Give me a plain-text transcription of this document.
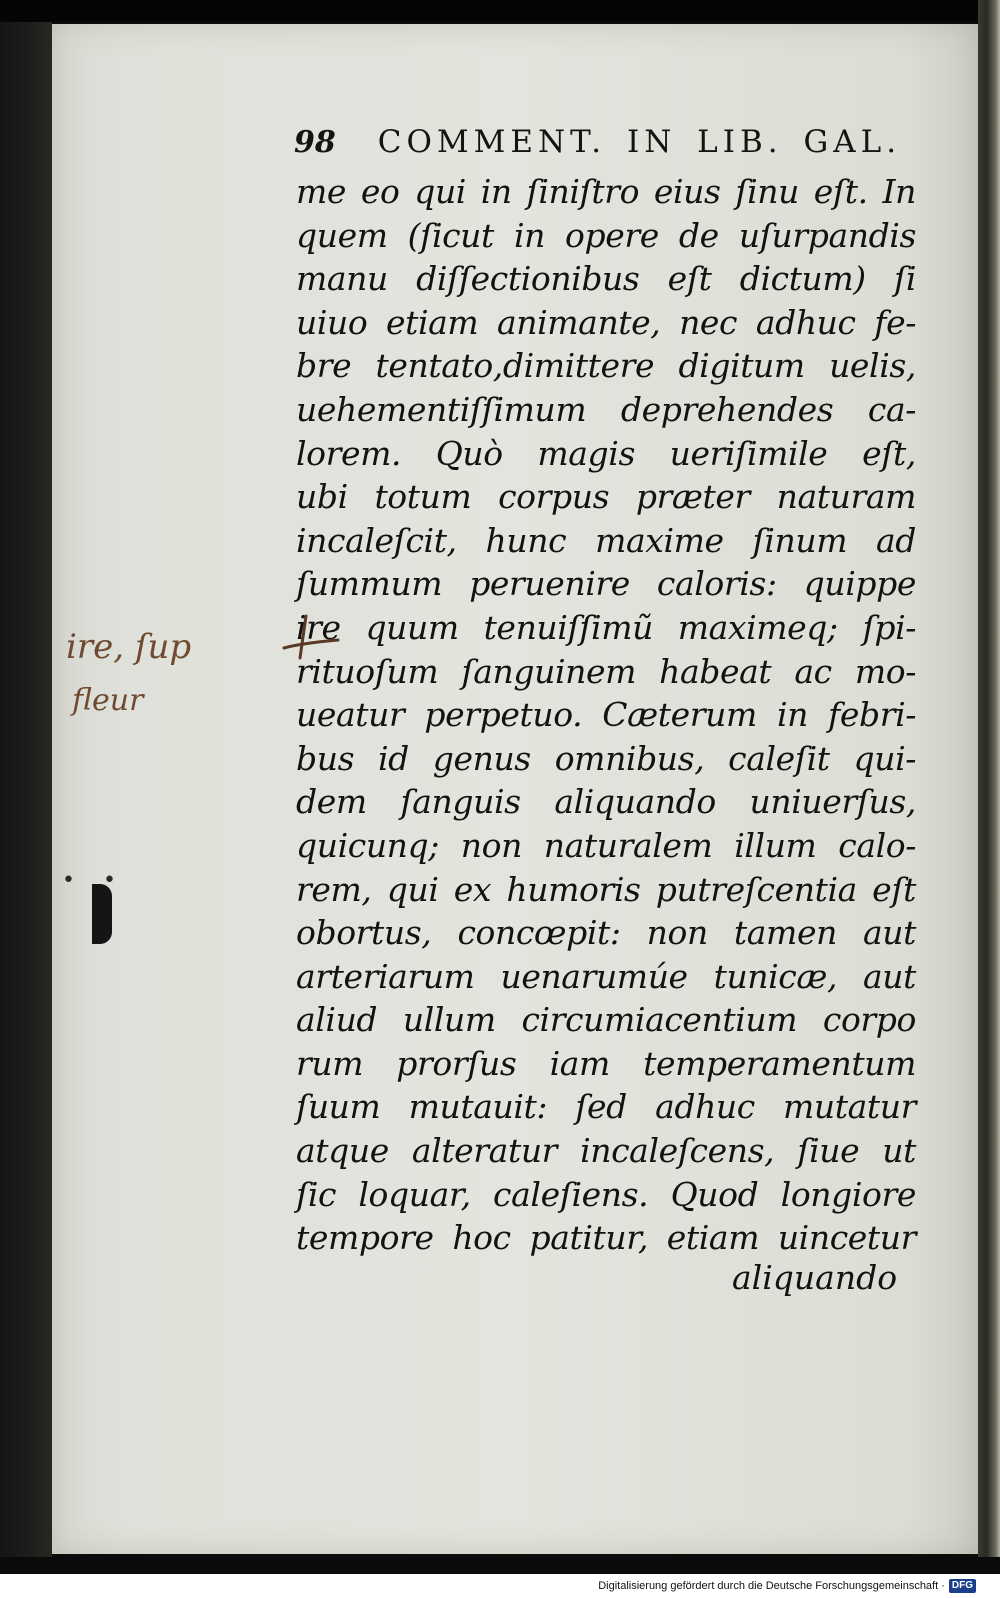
98 COMMENT. IN LIB. GAL.
me eo qui in ſiniſtro eius ſinu eſt. In
quem (ſicut in opere de uſurpandis
manu diſſectionibus eſt dictum) ſi
uiuo etiam animante, nec adhuc fe-
bre tentato,dimittere digitum uelis,
uehementiſſimum deprehendes ca-
lorem. Quò magis ueriſimile eſt,
ubi totum corpus præter naturam
incaleſcit, hunc maxime ſinum ad
ſummum peruenire caloris: quippe
ire quum tenuiſſimũ maximeq; ſpi-
rituoſum ſanguinem habeat ac mo-
ueatur perpetuo. Cæterum in febri-
bus id genus omnibus, caleſit qui-
dem ſanguis aliquando uniuerſus,
quicunq; non naturalem illum calo-
rem, qui ex humoris putreſcentia eſt
obortus, concœpit: non tamen aut
arteriarum uenarumúe tunicæ, aut
aliud ullum circumiacentium corpo
rum prorſus iam temperamentum
ſuum mutauit: ſed adhuc mutatur
atque alteratur incaleſcens, ſiue ut
ſic loquar, caleſiens. Quod longiore
tempore hoc patitur, etiam uincetur
aliquando
ire, ſup
fleur
••
Digitalisierung gefördert durch die Deutsche Forschungsgemeinschaft · DFG
